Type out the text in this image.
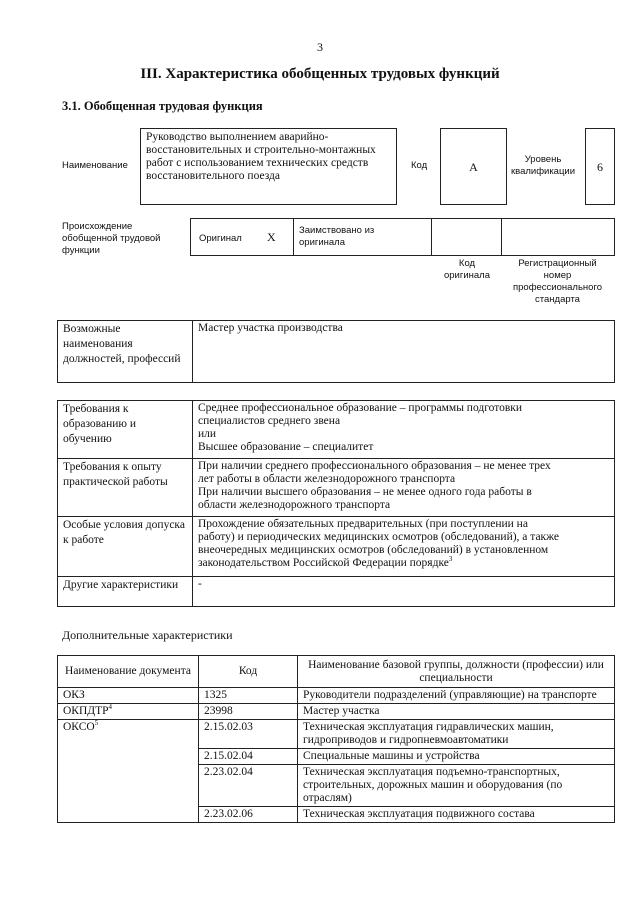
3
III. Характеристика обобщенных трудовых функций
3.1. Обобщенная трудовая функция
Наименование
Руководство выполнением аварийно-восстановительных и строительно-монтажных работ с использованием технических средств восстановительного поезда
Код	A
Уровень квалификации	6
Происхождение обобщенной трудовой функции
Оригинал X Заимствовано из оригинала
Код оригинала
Регистрационный номер профессионального стандарта
Возможные наименования должностей, профессий	Мастер участка производства
Требования к образованию и обучению	Среднее профессиональное образование – программы подготовки
специалистов среднего звена
или
Высшее образование – специалитет

Требования к опыту практической работы	При наличии среднего профессионального образования – не менее трех
лет работы в области железнодорожного транспорта
При наличии высшего образования – не менее одного года работы в
области железнодорожного транспорта

Особые условия допуска к работе	Прохождение обязательных предварительных (при поступлении на
работу) и периодических медицинских осмотров (обследований), а также
внеочередных медицинских осмотров (обследований) в установленном
законодательством Российской Федерации порядке$^3$

Другие характеристики	-
Дополнительные характеристики
Наименование документа	Код	Наименование базовой группы, должности (профессии) или специальности
ОКЗ	1325	Руководители подразделений (управляющие) на транспорте
ОКПДТР$^4$	23998	Мастер участка
ОКСО$^5$	2.15.02.03	Техническая эксплуатация гидравлических машин, гидроприводов и гидропневмоавтоматики
	2.15.02.04	Специальные машины и устройства
	2.23.02.04	Техническая эксплуатация подъемно-транспортных, строительных, дорожных машин и оборудования (по отраслям)
	2.23.02.06	Техническая эксплуатация подвижного состава
